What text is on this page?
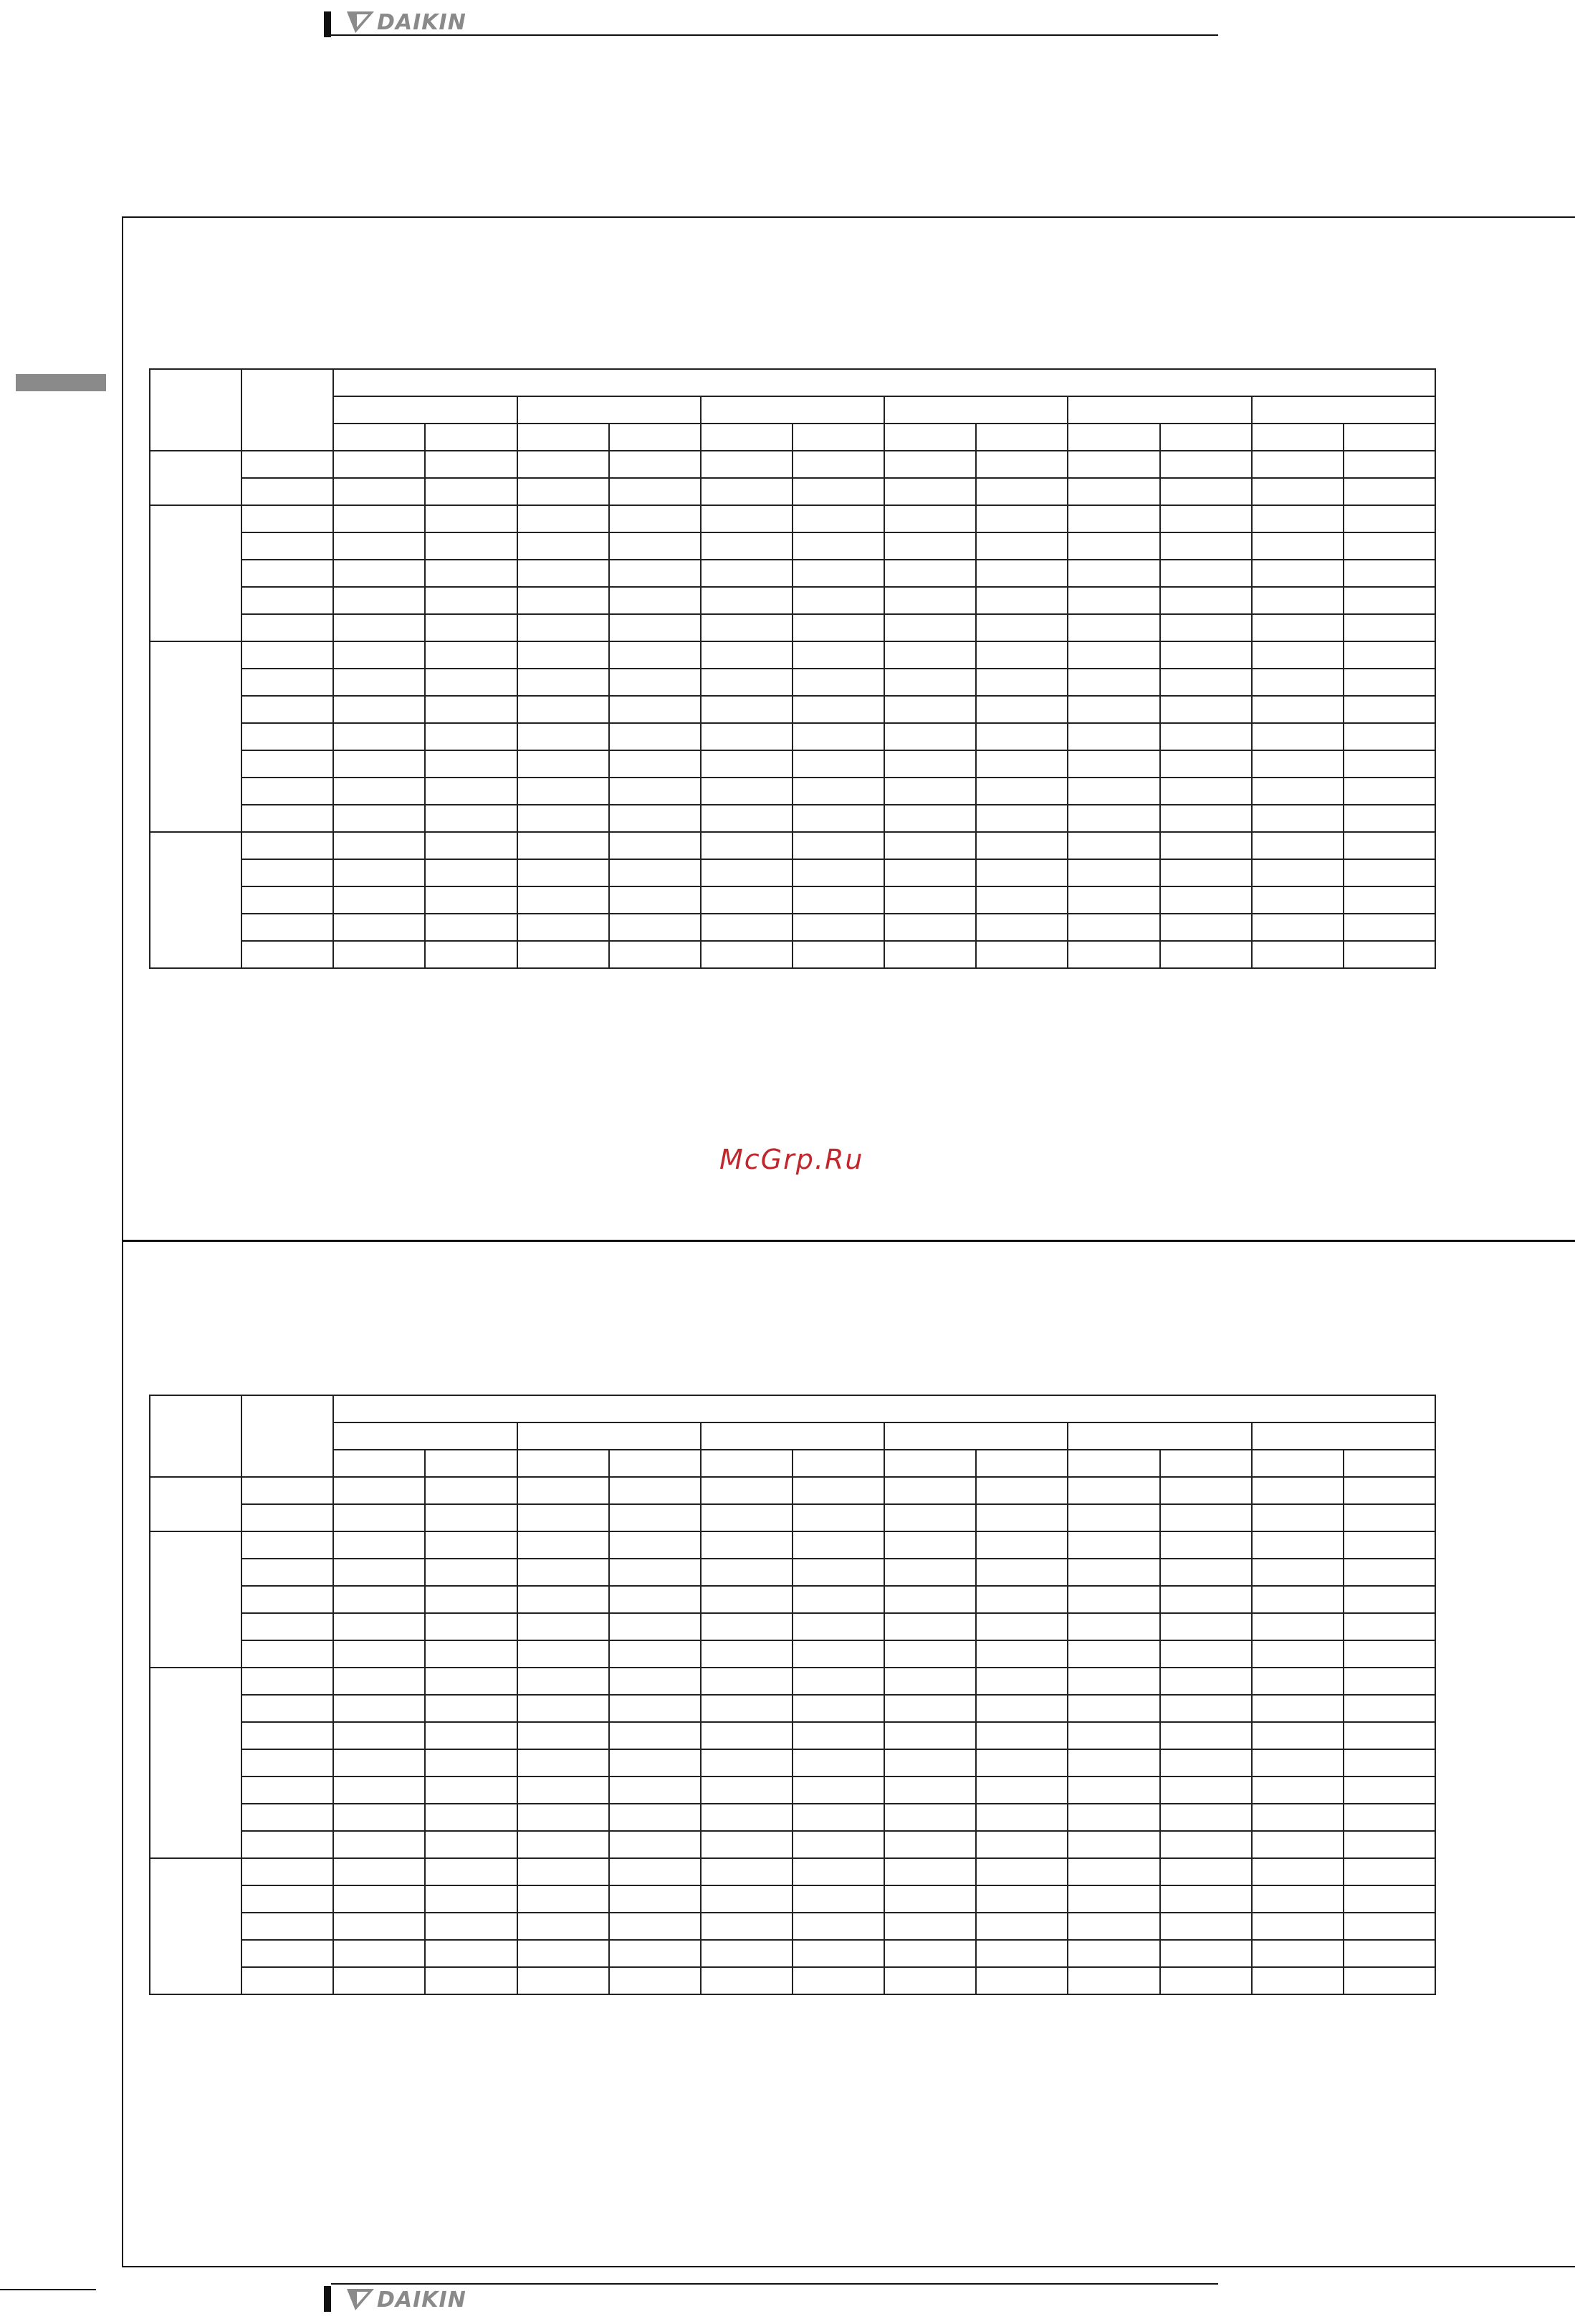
DAIKIN

McGrp.Ru

DAIKIN
